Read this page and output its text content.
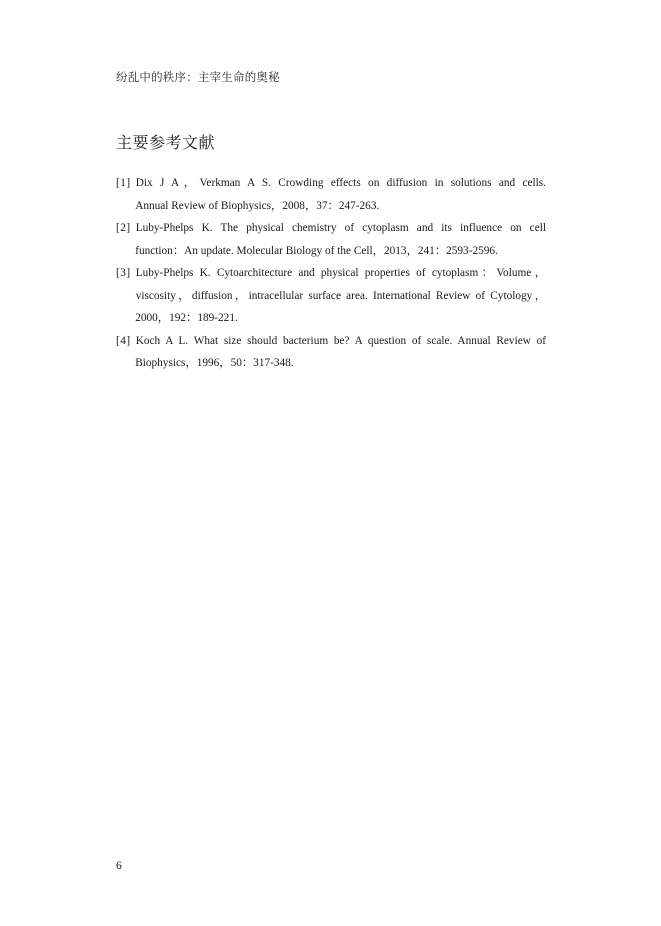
纷乱中的秩序：主宰生命的奥秘
主要参考文献
[1] Dix J A，Verkman A S. Crowding effects on diffusion in solutions and cells.
Annual Review of Biophysics，2008，37：247-263.
[2] Luby-Phelps K. The physical chemistry of cytoplasm and its influence on cell
function：An update. Molecular Biology of the Cell，2013，241：2593-2596.
[3] Luby-Phelps K. Cytoarchitecture and physical properties of cytoplasm：Volume，
viscosity，diffusion，intracellular surface area. International Review of Cytology，
2000，192：189-221.
[4] Koch A L. What size should bacterium be? A question of scale. Annual Review of
Biophysics，1996，50：317-348.
6
